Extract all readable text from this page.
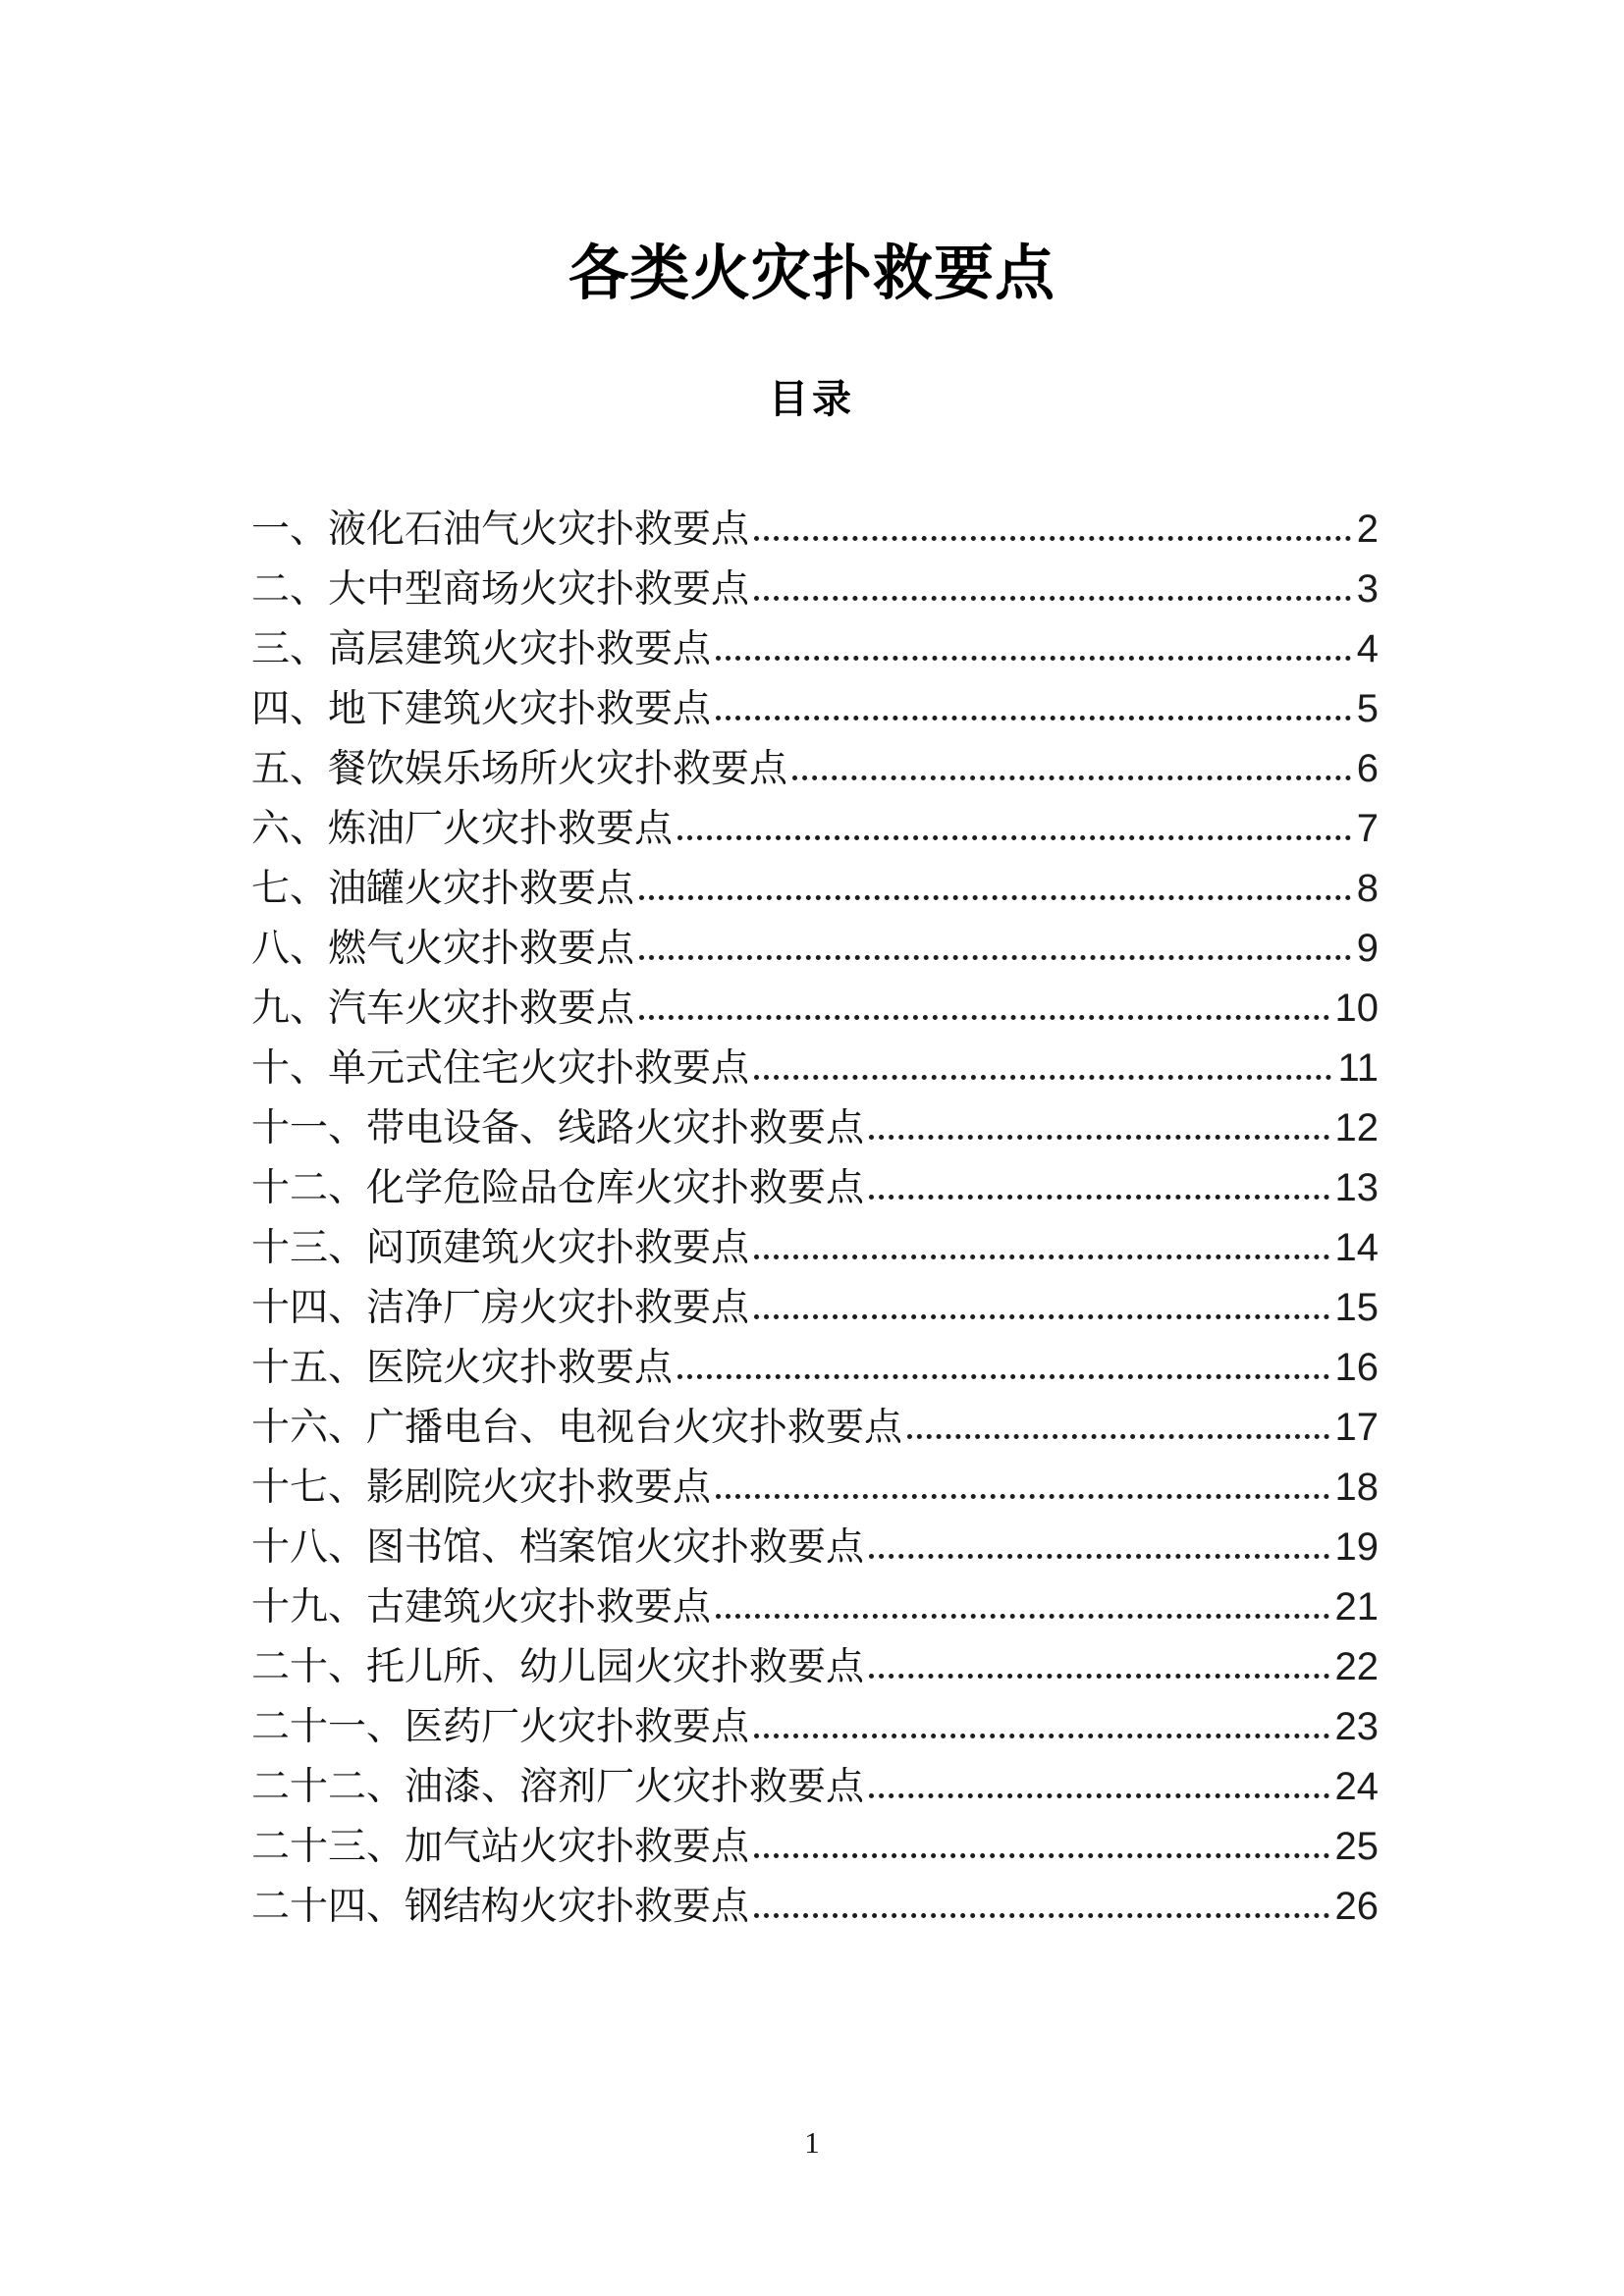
各类火灾扑救要点
目录
一、液化石油气火灾扑救要点	2
二、大中型商场火灾扑救要点	3
三、高层建筑火灾扑救要点	4
四、地下建筑火灾扑救要点	5
五、餐饮娱乐场所火灾扑救要点	6
六、炼油厂火灾扑救要点	7
七、油罐火灾扑救要点	8
八、燃气火灾扑救要点	9
九、汽车火灾扑救要点	10
十、单元式住宅火灾扑救要点	11
十一、带电设备、线路火灾扑救要点	12
十二、化学危险品仓库火灾扑救要点	13
十三、闷顶建筑火灾扑救要点	14
十四、洁净厂房火灾扑救要点	15
十五、医院火灾扑救要点	16
十六、广播电台、电视台火灾扑救要点	17
十七、影剧院火灾扑救要点	18
十八、图书馆、档案馆火灾扑救要点	19
十九、古建筑火灾扑救要点	21
二十、托儿所、幼儿园火灾扑救要点	22
二十一、医药厂火灾扑救要点	23
二十二、油漆、溶剂厂火灾扑救要点	24
二十三、加气站火灾扑救要点	25
二十四、钢结构火灾扑救要点	26
1
